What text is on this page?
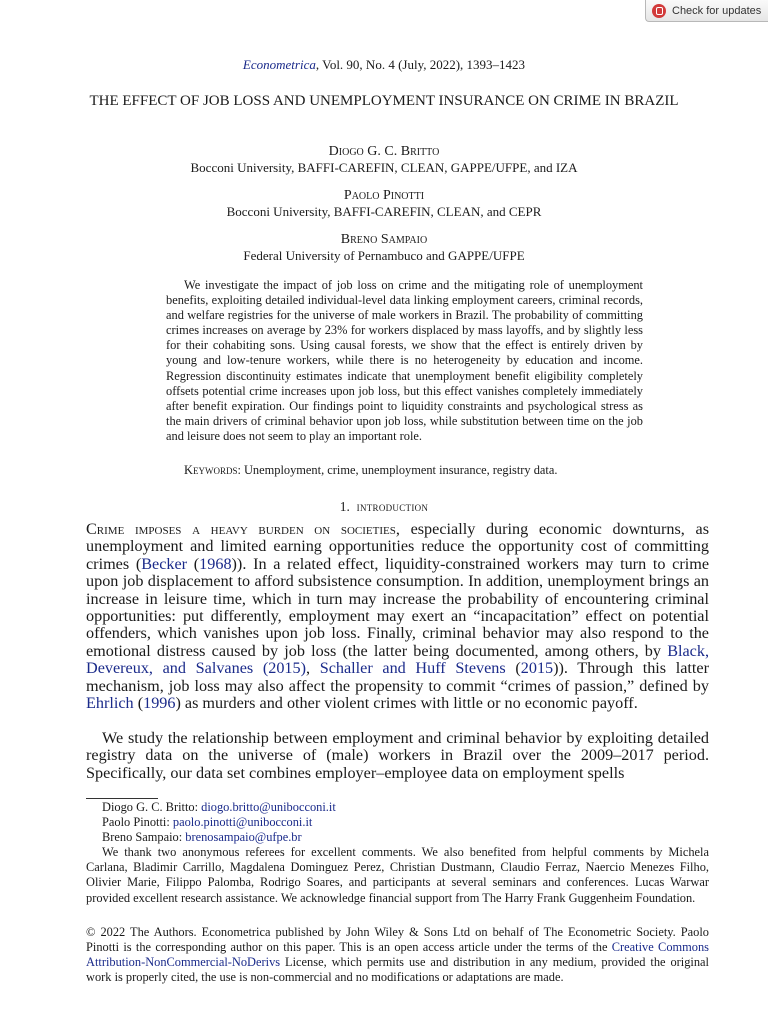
Check for updates
Econometrica, Vol. 90, No. 4 (July, 2022), 1393–1423
THE EFFECT OF JOB LOSS AND UNEMPLOYMENT INSURANCE ON CRIME IN BRAZIL
Diogo G. C. Britto
Bocconi University, BAFFI-CAREFIN, CLEAN, GAPPE/UFPE, and IZA
Paolo Pinotti
Bocconi University, BAFFI-CAREFIN, CLEAN, and CEPR
Breno Sampaio
Federal University of Pernambuco and GAPPE/UFPE

We investigate the impact of job loss on crime and the mitigating role of unemployment benefits, exploiting detailed individual-level data linking employment careers, criminal records, and welfare registries for the universe of male workers in Brazil. The probability of committing crimes increases on average by 23% for workers displaced by mass layoffs, and by slightly less for their cohabiting sons. Using causal forests, we show that the effect is entirely driven by young and low-tenure workers, while there is no heterogeneity by education and income. Regression discontinuity estimates indicate that unemployment benefit eligibility completely offsets potential crime increases upon job loss, but this effect vanishes completely immediately after benefit expiration. Our findings point to liquidity constraints and psychological stress as the main drivers of criminal behavior upon job loss, while substitution between time on the job and leisure does not seem to play an important role.

Keywords: Unemployment, crime, unemployment insurance, registry data.
1. introduction

Crime imposes a heavy burden on societies, especially during economic downturns, as unemployment and limited earning opportunities reduce the opportunity cost of committing crimes (Becker (1968)). In a related effect, liquidity-constrained workers may turn to crime upon job displacement to afford subsistence consumption. In addition, unemployment brings an increase in leisure time, which in turn may increase the probability of encountering criminal opportunities: put differently, employment may exert an “incapacitation” effect on potential offenders, which vanishes upon job loss. Finally, criminal behavior may also respond to the emotional distress caused by job loss (the latter being documented, among others, by Black, Devereux, and Salvanes (2015), Schaller and Huff Stevens (2015)). Through this latter mechanism, job loss may also affect the propensity to commit “crimes of passion,” defined by Ehrlich (1996) as murders and other violent crimes with little or no economic payoff.

We study the relationship between employment and criminal behavior by exploiting detailed registry data on the universe of (male) workers in Brazil over the 2009–2017 period. Specifically, our data set combines employer–employee data on employment spells

Diogo G. C. Britto: diogo.britto@unibocconi.it
Paolo Pinotti: paolo.pinotti@unibocconi.it
Breno Sampaio: brenosampaio@ufpe.br

We thank two anonymous referees for excellent comments. We also benefited from helpful comments by Michela Carlana, Bladimir Carrillo, Magdalena Dominguez Perez, Christian Dustmann, Claudio Ferraz, Naercio Menezes Filho, Olivier Marie, Filippo Palomba, Rodrigo Soares, and participants at several seminars and conferences. Lucas Warwar provided excellent research assistance. We acknowledge financial support from The Harry Frank Guggenheim Foundation.

© 2022 The Authors. Econometrica published by John Wiley & Sons Ltd on behalf of The Econometric Society. Paolo Pinotti is the corresponding author on this paper. This is an open access article under the terms of the Creative Commons Attribution-NonCommercial-NoDerivs License, which permits use and distribution in any medium, provided the original work is properly cited, the use is non-commercial and no modifications or adaptations are made.
